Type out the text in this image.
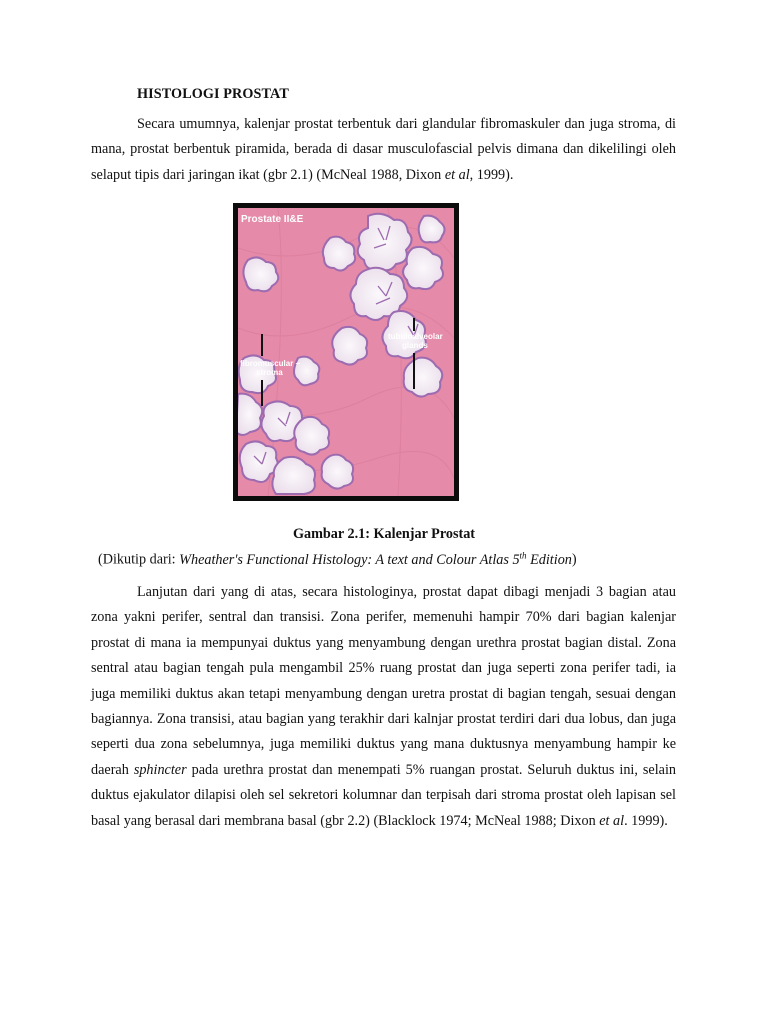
HISTOLOGI PROSTAT

Secara umumnya, kalenjar prostat terbentuk dari glandular fibromaskuler dan juga stroma, di mana, prostat berbentuk piramida, berada di dasar musculofascial pelvis dimana dan dikelilingi oleh selaput tipis dari jaringan ikat (gbr 2.1) (McNeal 1988, Dixon et al, 1999).

Prostate II&E
tubuloalveolar
glands
fibromuscular –
stroma
Gambar 2.1: Kalenjar Prostat
(Dikutip dari: Wheather's Functional Histology: A text and Colour Atlas 5th Edition)

Lanjutan dari yang di atas, secara histologinya, prostat dapat dibagi menjadi 3 bagian atau zona yakni perifer, sentral dan transisi. Zona perifer, memenuhi hampir 70% dari bagian kalenjar prostat di mana ia mempunyai duktus yang menyambung dengan urethra prostat bagian distal. Zona sentral atau bagian tengah pula mengambil 25% ruang prostat dan juga seperti zona perifer tadi, ia juga memiliki duktus akan tetapi menyambung dengan uretra prostat di bagian tengah, sesuai dengan bagiannya. Zona transisi, atau bagian yang terakhir dari kalnjar prostat terdiri dari dua lobus, dan juga seperti dua zona sebelumnya, juga memiliki duktus yang mana duktusnya menyambung hampir ke daerah sphincter pada urethra prostat dan menempati 5% ruangan prostat. Seluruh duktus ini, selain duktus ejakulator dilapisi oleh sel sekretori kolumnar dan terpisah dari stroma prostat oleh lapisan sel basal yang berasal dari membrana basal (gbr 2.2) (Blacklock 1974; McNeal 1988; Dixon et al. 1999).
